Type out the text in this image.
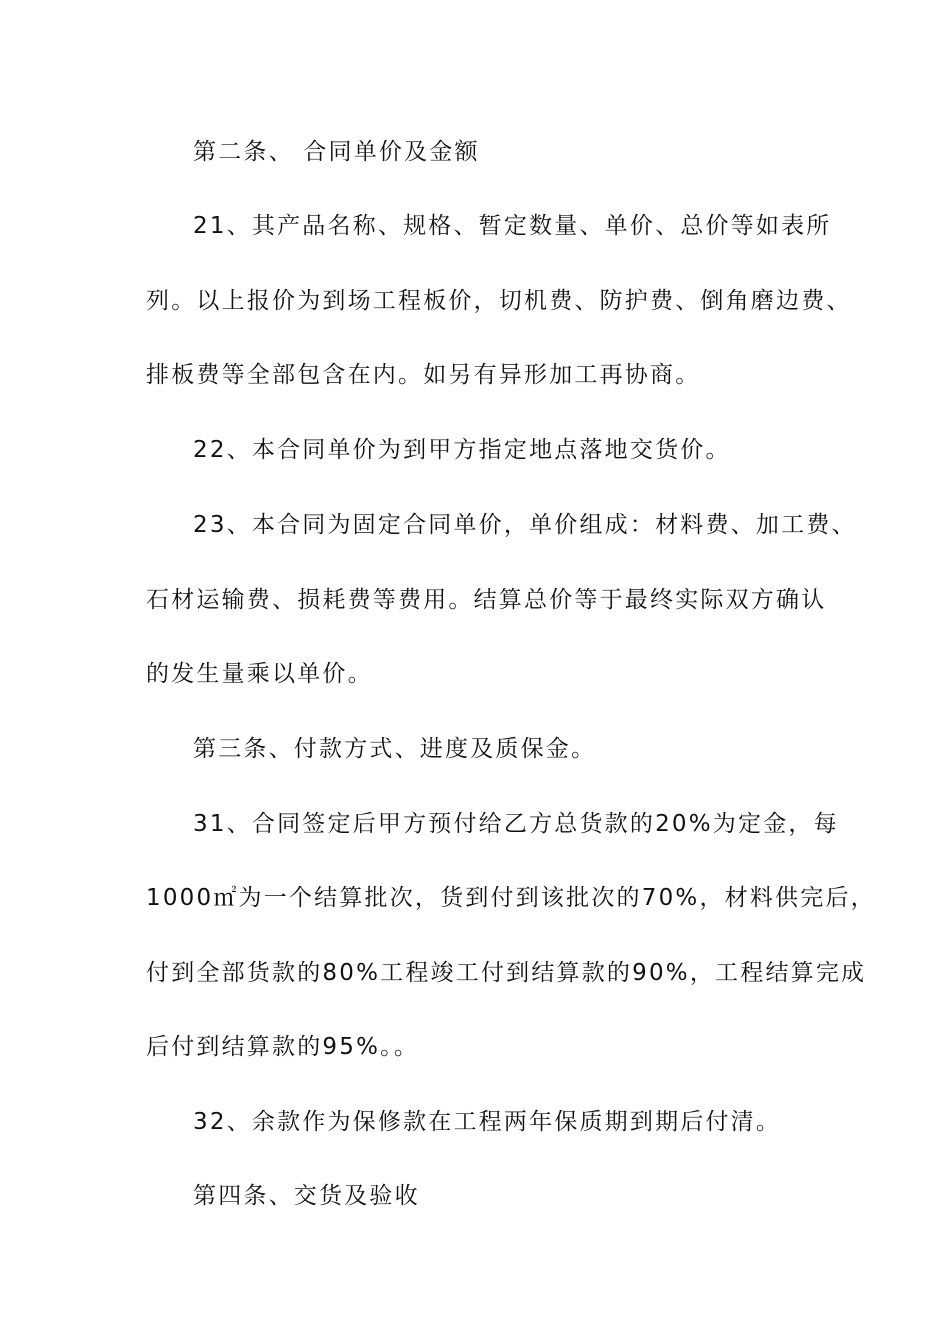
第二条、 合同单价及金额
21、其产品名称、规格、暂定数量、单价、总价等如表所
列。以上报价为到场工程板价，切机费、防护费、倒角磨边费、
排板费等全部包含在内。如另有异形加工再协商。
22、本合同单价为到甲方指定地点落地交货价。
23、本合同为固定合同单价，单价组成：材料费、加工费、
石材运输费、损耗费等费用。结算总价等于最终实际双方确认
的发生量乘以单价。
第三条、付款方式、进度及质保金。
31、合同签定后甲方预付给乙方总货款的20%为定金，每
1000㎡为一个结算批次，货到付到该批次的70%，材料供完后，
付到全部货款的80%工程竣工付到结算款的90%，工程结算完成
后付到结算款的95%。。
32、余款作为保修款在工程两年保质期到期后付清。
第四条、交货及验收
